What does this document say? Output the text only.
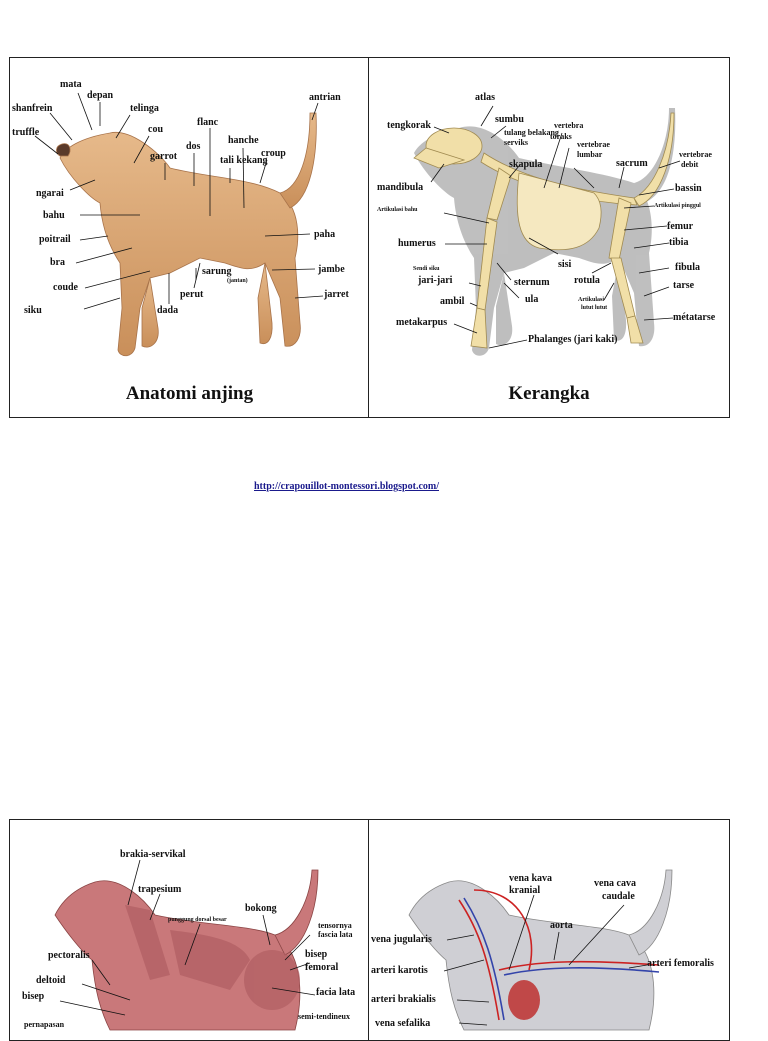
mata
depan
shanfrein	telinga
truffle	cou
flanc
hanche
antrian
dos
tali kekang
croup
garrot
ngarai
bahu
poitrail	paha
bra
sarung
(jantan)
jambe
coude
perut	jarret
siku	dada
Anatomi anjing
atlas
sumbu
tengkorak	vertebra
tulang belakang
toraks
serviks	vertebrae
lumbar
skapula	sacrum
vertebrae
debit
mandibula	bassin
Artikulasi pinggul
Artikulasi bahu
femur
humerus	tibia
sisi
Sendi siku	fibula
rotula
jari-jari	sternum	tarse
ambil	ula	Artikulasi
lutut lutut
métatarse
metakarpus
Phalanges (jari kaki)
Kerangka
http://crapouillot-montessori.blogspot.com/
brakia-servikal
trapesium
bokong
punggung dorsal besar
tensornya
fascia lata
pectoralis	bisep
femoral
deltoid
facia lata
bisep
semi-tendineux
pernapasan
vena kava
kranial
vena cava
caudale
aorta
vena jugularis
arteri karotis
arteri femoralis
arteri brakialis
vena sefalika
